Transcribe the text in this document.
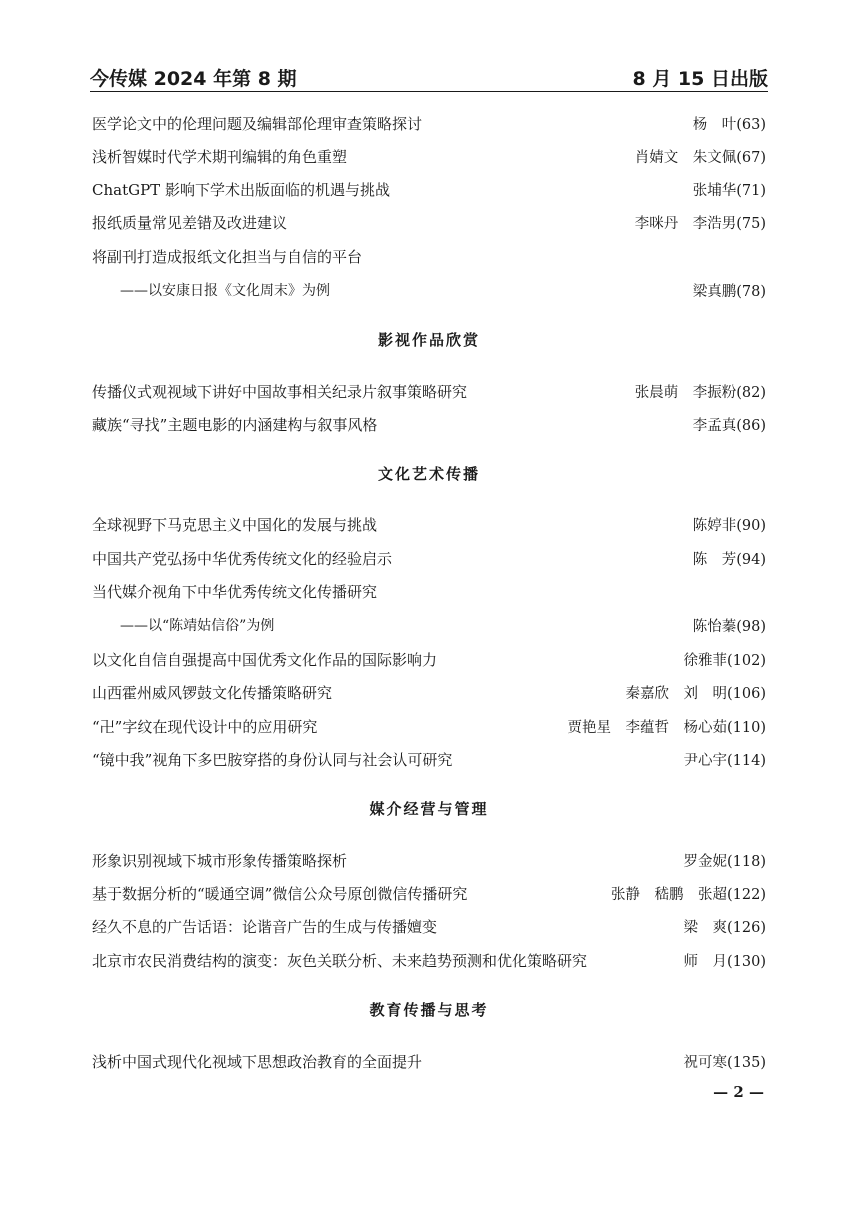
今传媒 2024 年第 8 期	8 月 15 日出版
医学论文中的伦理问题及编辑部伦理审查策略探讨	杨　叶(63)
浅析智媒时代学术期刊编辑的角色重塑	肖婧文　朱文佩(67)
ChatGPT 影响下学术出版面临的机遇与挑战	张埔华(71)
报纸质量常见差错及改进建议	李咪丹　李浩男(75)
将副刊打造成报纸文化担当与自信的平台
——以安康日报《文化周末》为例	梁真鹏(78)
影视作品欣赏
传播仪式观视域下讲好中国故事相关纪录片叙事策略研究	张晨萌　李振粉(82)
藏族“寻找”主题电影的内涵建构与叙事风格	李孟真(86)
文化艺术传播
全球视野下马克思主义中国化的发展与挑战	陈婷非(90)
中国共产党弘扬中华优秀传统文化的经验启示	陈　芳(94)
当代媒介视角下中华优秀传统文化传播研究
——以“陈靖姑信俗”为例	陈怡蓁(98)
以文化自信自强提高中国优秀文化作品的国际影响力	徐雅菲(102)
山西霍州威风锣鼓文化传播策略研究	秦嘉欣　刘　明(106)
“卍”字纹在现代设计中的应用研究	贾艳星　李蕴哲　杨心茹(110)
“镜中我”视角下多巴胺穿搭的身份认同与社会认可研究	尹心宇(114)
媒介经营与管理
形象识别视域下城市形象传播策略探析	罗金妮(118)
基于数据分析的“暖通空调”微信公众号原创微信传播研究	张静　嵇鹏　张超(122)
经久不息的广告话语：论谐音广告的生成与传播嬗变	梁　爽(126)
北京市农民消费结构的演变：灰色关联分析、未来趋势预测和优化策略研究	师　月(130)
教育传播与思考
浅析中国式现代化视域下思想政治教育的全面提升	祝可寒(135)
— 2 —
